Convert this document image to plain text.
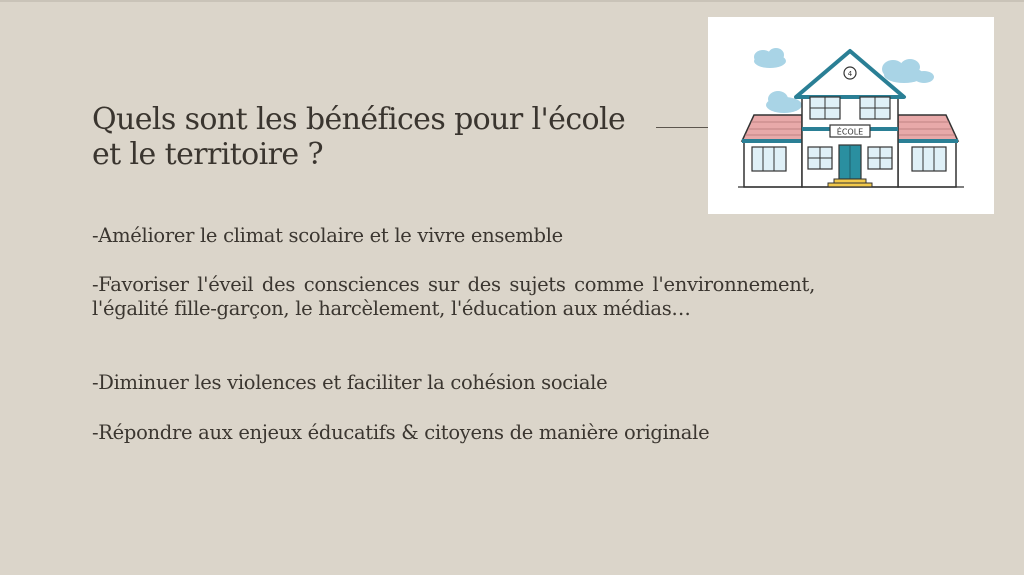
Quels sont les bénéfices pour l'école
et le territoire ?
4
ÉCOLE

-Améliorer le climat scolaire et le vivre ensemble

-Favoriser l'éveil des consciences sur des sujets comme l'environnement, l'égalité fille-garçon, le harcèlement, l'éducation aux médias…

-Diminuer les violences et faciliter la cohésion sociale

-Répondre aux enjeux éducatifs & citoyens de manière originale
